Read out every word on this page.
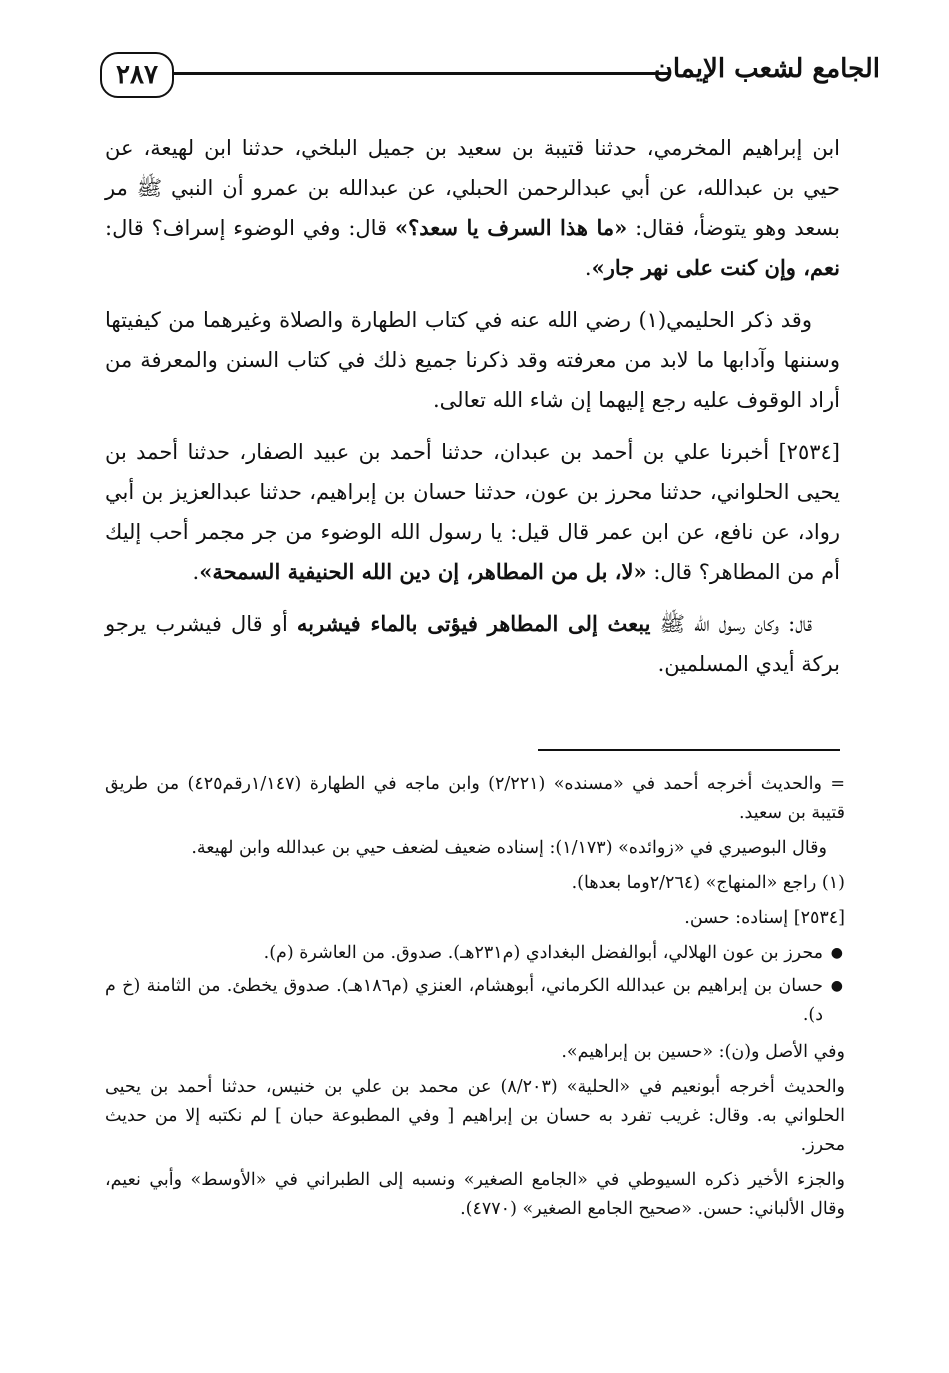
الجامع لشعب الإيمان
٢٨٧

ابن إبراهيم المخرمي، حدثنا قتيبة بن سعيد بن جميل البلخي، حدثنا ابن لهيعة، عن حيي بن عبدالله، عن أبي عبدالرحمن الحبلي، عن عبدالله بن عمرو أن النبي ﷺ مر بسعد وهو يتوضأ، فقال: «ما هذا السرف يا سعد؟» قال: وفي الوضوء إسراف؟ قال: نعم، وإن كنت على نهر جار».

وقد ذكر الحليمي(١) رضي الله عنه في كتاب الطهارة والصلاة وغيرهما من كيفيتها وسننها وآدابها ما لابد من معرفته وقد ذكرنا جميع ذلك في كتاب السنن والمعرفة من أراد الوقوف عليه رجع إليهما إن شاء الله تعالى.

[٢٥٣٤] أخبرنا علي بن أحمد بن عبدان، حدثنا أحمد بن عبيد الصفار، حدثنا أحمد بن يحيى الحلواني، حدثنا محرز بن عون، حدثنا حسان بن إبراهيم، حدثنا عبدالعزيز بن أبي رواد، عن نافع، عن ابن عمر قال قيل: يا رسول الله الوضوء من جر مجمر أحب إليك أم من المطاهر؟ قال: «لا، بل من المطاهر، إن دين الله الحنيفية السمحة».

قال: وكان رسول الله ﷺ يبعث إلى المطاهر فيؤتى بالماء فيشربه أو قال فيشرب يرجو بركة أيدي المسلمين.

= والحديث أخرجه أحمد في «مسنده» (٢/٢٢١) وابن ماجه في الطهارة (١/١٤٧رقم٤٢٥) من طريق قتيبة بن سعيد.

وقال البوصيري في «زوائده» (١/١٧٣): إسناده ضعيف لضعف حيي بن عبدالله وابن لهيعة.

(١) راجع «المنهاج» (٢/٢٦٤وما بعدها).

[٢٥٣٤] إسناده: حسن.

●
محرز بن عون الهلالي، أبوالفضل البغدادي (م٢٣١هـ). صدوق. من العاشرة (م).
●
حسان بن إبراهيم بن عبدالله الكرماني، أبوهشام، العنزي (م١٨٦هـ). صدوق يخطئ. من الثامنة (خ م د).

وفي الأصل و(ن): «حسين بن إبراهيم».

والحديث أخرجه أبونعيم في «الحلية» (٨/٢٠٣) عن محمد بن علي بن خنيس، حدثنا أحمد بن يحيى الحلواني به. وقال: غريب تفرد به حسان بن إبراهيم [ وفي المطبوعة حبان ] لم نكتبه إلا من حديث محرز.

والجزء الأخير ذكره السيوطي في «الجامع الصغير» ونسبه إلى الطبراني في «الأوسط» وأبي نعيم، وقال الألباني: حسن. «صحيح الجامع الصغير» (٤٧٧٠).
